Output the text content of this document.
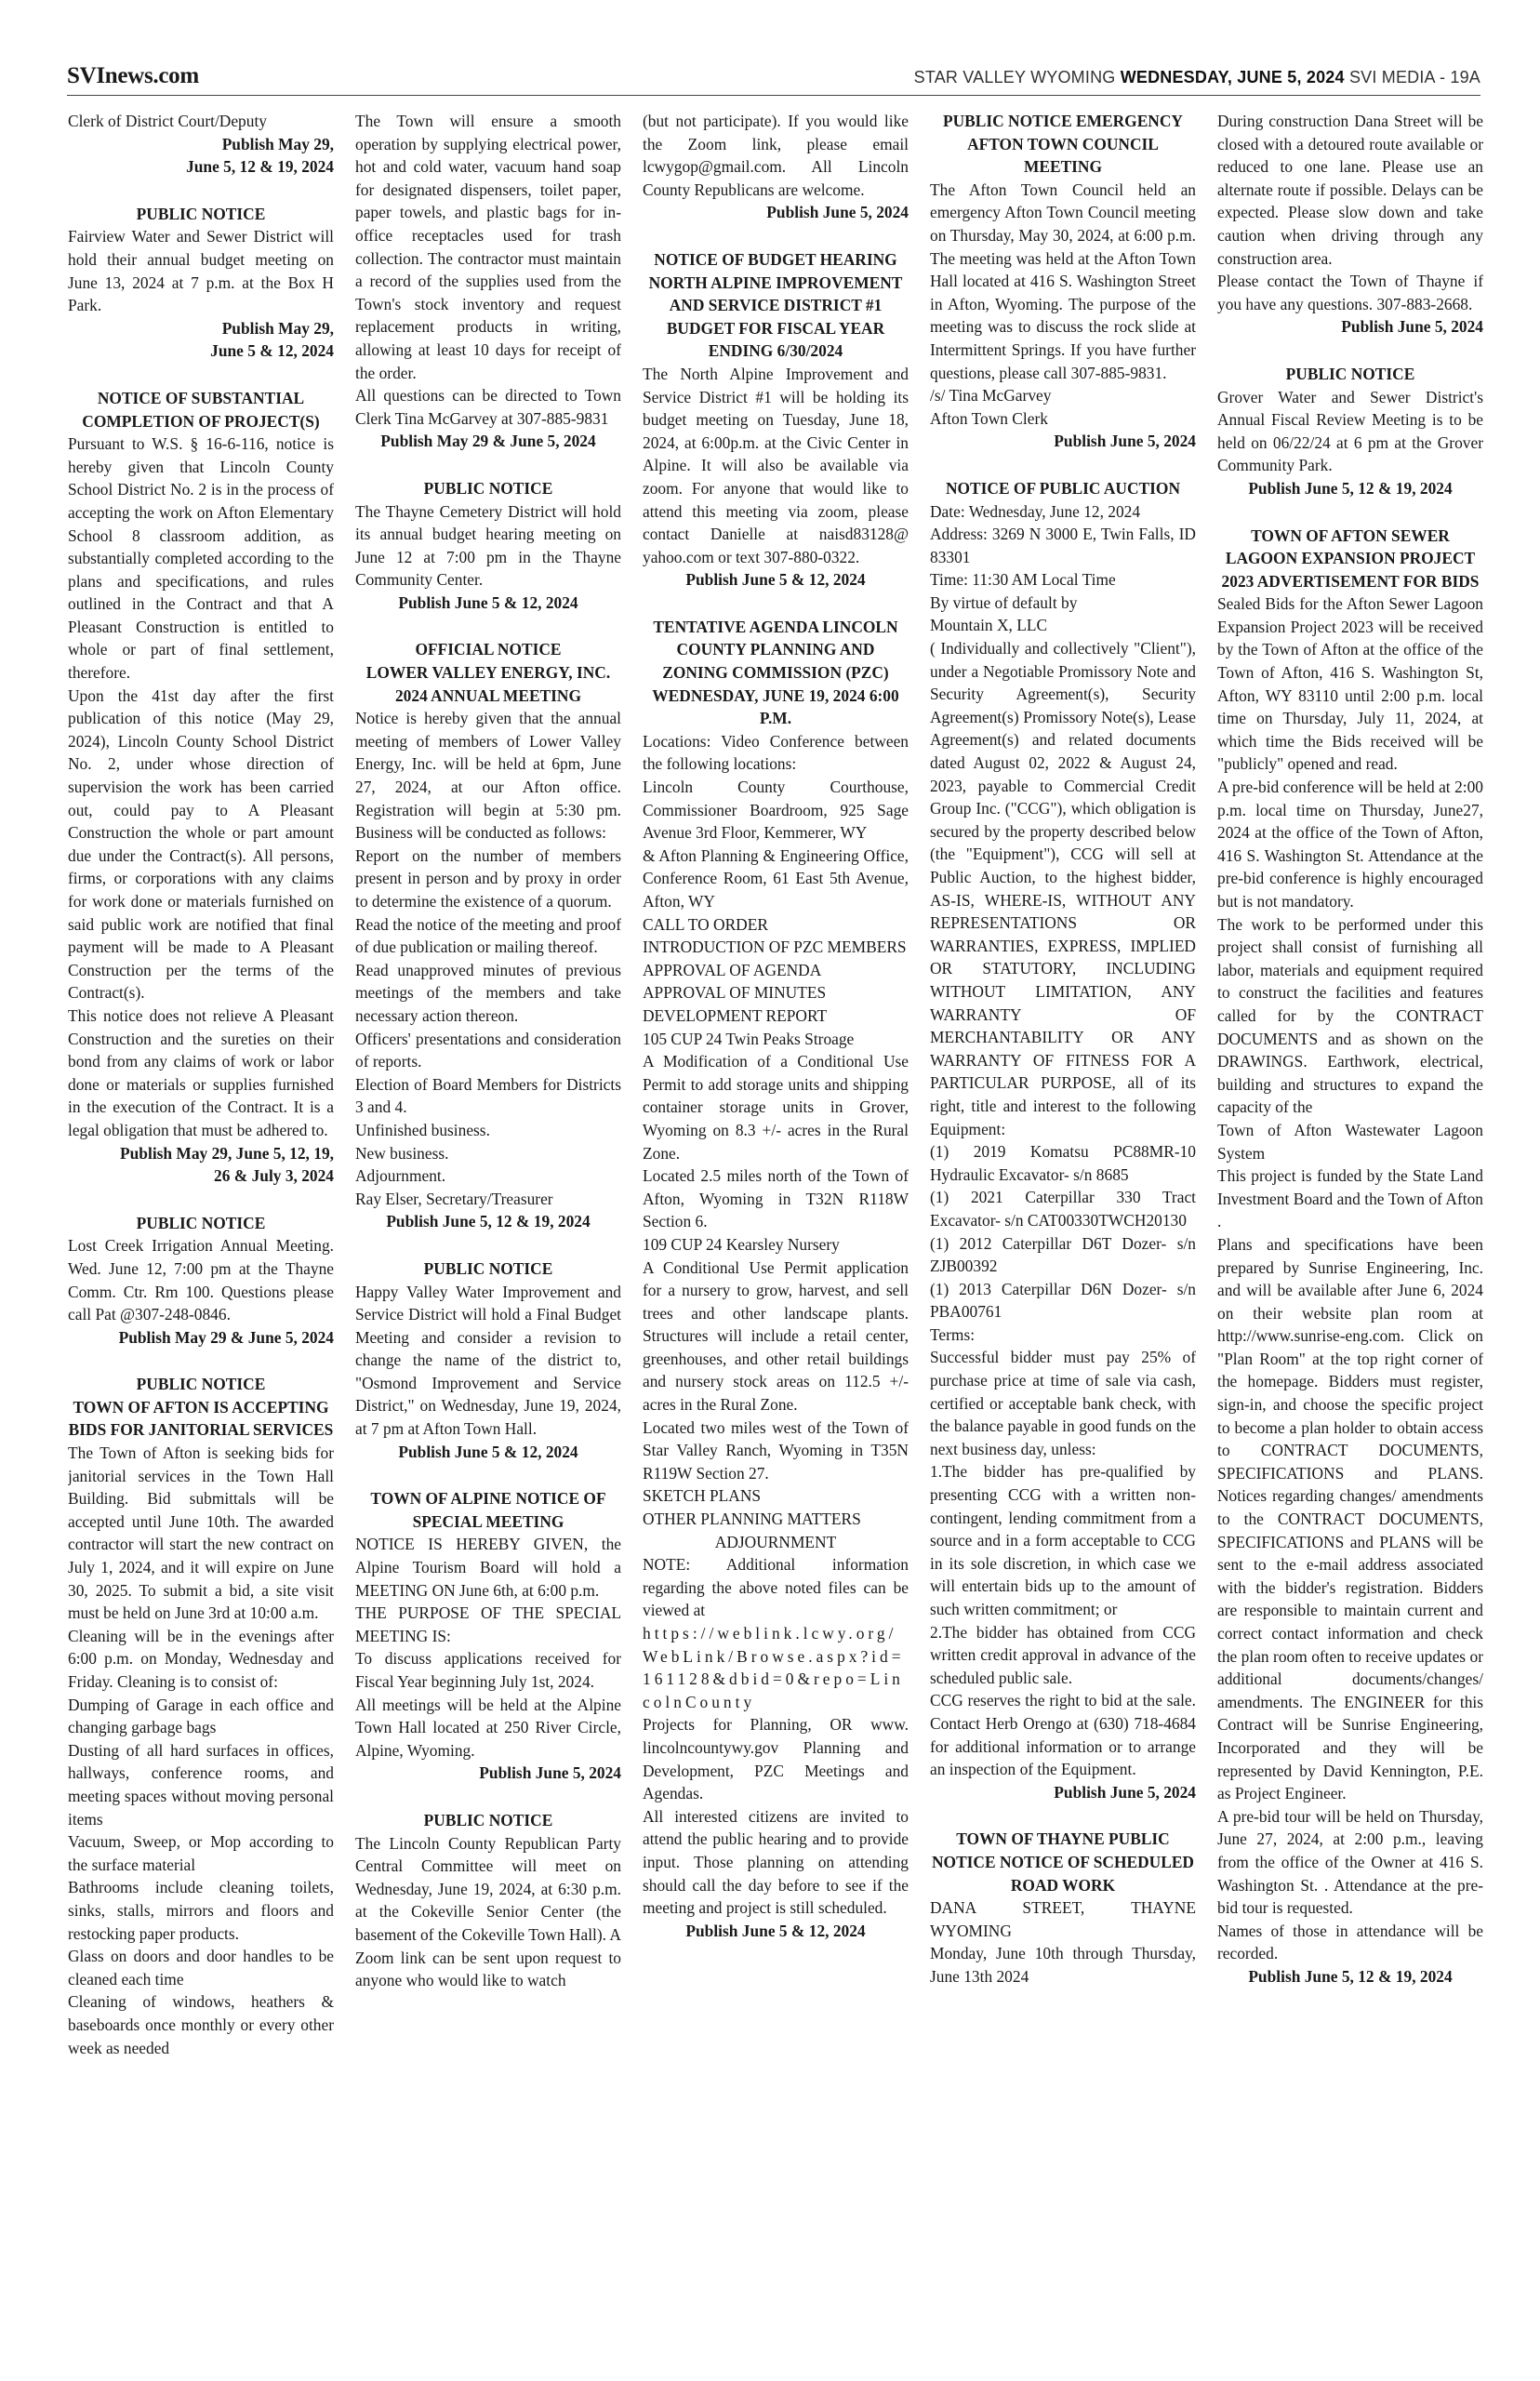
SVInews.com	STAR VALLEY WYOMING WEDNESDAY, JUNE 5, 2024 SVI MEDIA - 19A

Clerk of District Court/Deputy

Publish May 29,

June 5, 12 & 19, 2024

PUBLIC NOTICE

Fairview Water and Sewer District will hold their annual budget meeting on June 13, 2024 at 7 p.m. at the Box H Park.

Publish May 29,

June 5 & 12, 2024

NOTICE OF SUBSTANTIAL COMPLETION OF PROJECT(S)

Pursuant to W.S. § 16-6-116, notice is hereby given that Lincoln County School District No. 2 is in the process of accepting the work on Afton Elementary School 8 classroom addition, as substantially completed according to the plans and specifications, and rules outlined in the Contract and that A Pleasant Construction is entitled to whole or part of final settlement, therefore.

Upon the 41st day after the first publication of this notice (May 29, 2024), Lincoln County School District No. 2, under whose direction of supervision the work has been carried out, could pay to A Pleasant Construction the whole or part amount due under the Contract(s). All persons, firms, or corporations with any claims for work done or materials furnished on said public work are notified that final payment will be made to A Pleasant Construction per the terms of the Contract(s).

This notice does not relieve A Pleasant Construction and the sureties on their bond from any claims of work or labor done or materials or supplies furnished in the execution of the Contract. It is a legal obligation that must be adhered to.

Publish May 29, June 5, 12, 19,

26 & July 3, 2024

PUBLIC NOTICE

Lost Creek Irrigation Annual Meeting. Wed. June 12, 7:00 pm at the Thayne Comm. Ctr. Rm 100. Questions please call Pat @307-248-0846.

Publish May 29 & June 5, 2024

PUBLIC NOTICE

TOWN OF AFTON IS ACCEPTING BIDS FOR JANITORIAL SERVICES

The Town of Afton is seeking bids for janitorial services in the Town Hall Building. Bid submittals will be accepted until June 10th. The awarded contractor will start the new contract on July 1, 2024, and it will expire on June 30, 2025. To submit a bid, a site visit must be held on June 3rd at 10:00 a.m.

Cleaning will be in the evenings after 6:00 p.m. on Monday, Wednesday and Friday. Cleaning is to consist of:

Dumping of Garage in each office and changing garbage bags

Dusting of all hard surfaces in offices, hallways, conference rooms, and meeting spaces without moving personal items

Vacuum, Sweep, or Mop according to the surface material

Bathrooms include cleaning toilets, sinks, stalls, mirrors and floors and restocking paper products.

Glass on doors and door handles to be cleaned each time

Cleaning of windows, heathers & baseboards once monthly or every other week as needed

The Town will ensure a smooth operation by supplying electrical power, hot and cold water, vacuum hand soap for designated dispensers, toilet paper, paper towels, and plastic bags for in-office receptacles used for trash collection. The contractor must maintain a record of the supplies used from the Town's stock inventory and request replacement products in writing, allowing at least 10 days for receipt of the order.

All questions can be directed to Town Clerk Tina McGarvey at 307-885-9831

Publish May 29 & June 5, 2024

PUBLIC NOTICE

The Thayne Cemetery District will hold its annual budget hearing meeting on June 12 at 7:00 pm in the Thayne Community Center.

Publish June 5 & 12, 2024

OFFICIAL NOTICE

LOWER VALLEY ENERGY, INC. 2024 ANNUAL MEETING

Notice is hereby given that the annual meeting of members of Lower Valley Energy, Inc. will be held at 6pm, June 27, 2024, at our Afton office. Registration will begin at 5:30 pm. Business will be conducted as follows:

Report on the number of members present in person and by proxy in order to determine the existence of a quorum.

Read the notice of the meeting and proof of due publication or mailing thereof.

Read unapproved minutes of previous meetings of the members and take necessary action thereon.

Officers' presentations and consideration of reports.

Election of Board Members for Districts 3 and 4.

Unfinished business.

New business.

Adjournment.

Ray Elser, Secretary/Treasurer

Publish June 5, 12 & 19, 2024

PUBLIC NOTICE

Happy Valley Water Improvement and Service District will hold a Final Budget Meeting and consider a revision to change the name of the district to, "Osmond Improvement and Service District," on Wednesday, June 19, 2024, at 7 pm at Afton Town Hall.

Publish June 5 & 12, 2024

TOWN OF ALPINE NOTICE OF SPECIAL MEETING

NOTICE IS HEREBY GIVEN, the Alpine Tourism Board will hold a MEETING ON June 6th, at 6:00 p.m.

THE PURPOSE OF THE SPECIAL MEETING IS:

To discuss applications received for Fiscal Year beginning July 1st, 2024.

All meetings will be held at the Alpine Town Hall located at 250 River Circle, Alpine, Wyoming.

Publish June 5, 2024

PUBLIC NOTICE

The Lincoln County Republican Party Central Committee will meet on Wednesday, June 19, 2024, at 6:30 p.m. at the Cokeville Senior Center (the basement of the Cokeville Town Hall). A Zoom link can be sent upon request to anyone who would like to watch

(but not participate). If you would like the Zoom link, please email lcwygop@gmail.com. All Lincoln County Republicans are welcome.

Publish June 5, 2024

NOTICE OF BUDGET HEARING NORTH ALPINE IMPROVEMENT AND SERVICE DISTRICT #1 BUDGET FOR FISCAL YEAR ENDING 6/30/2024

The North Alpine Improvement and Service District #1 will be holding its budget meeting on Tuesday, June 18, 2024, at 6:00p.m. at the Civic Center in Alpine. It will also be available via zoom. For anyone that would like to attend this meeting via zoom, please contact Danielle at naisd83128@ yahoo.com or text 307-880-0322.

Publish June 5 & 12, 2024

TENTATIVE AGENDA LINCOLN COUNTY PLANNING AND ZONING COMMISSION (PZC) WEDNESDAY, JUNE 19, 2024 6:00 P.M.

Locations: Video Conference between the following locations:

Lincoln County Courthouse, Commissioner Boardroom, 925 Sage Avenue 3rd Floor, Kemmerer, WY

& Afton Planning & Engineering Office, Conference Room, 61 East 5th Avenue, Afton, WY

CALL TO ORDER

INTRODUCTION OF PZC MEMBERS

APPROVAL OF AGENDA

APPROVAL OF MINUTES

DEVELOPMENT REPORT

105 CUP 24 Twin Peaks Stroage

A Modification of a Conditional Use Permit to add storage units and shipping container storage units in Grover, Wyoming on 8.3 +/- acres in the Rural Zone.

Located 2.5 miles north of the Town of Afton, Wyoming in T32N R118W Section 6.

109 CUP 24 Kearsley Nursery

A Conditional Use Permit application for a nursery to grow, harvest, and sell trees and other landscape plants. Structures will include a retail center, greenhouses, and other retail buildings and nursery stock areas on 112.5 +/- acres in the Rural Zone.

Located two miles west of the Town of Star Valley Ranch, Wyoming in T35N R119W Section 27.

SKETCH PLANS

OTHER PLANNING MATTERS

ADJOURNMENT

NOTE: Additional information regarding the above noted files can be viewed at

https://weblink.lcwy.org/WebLink/Browse.aspx?id=161128&dbid=0&repo=LincolnCounty

Projects for Planning, OR www. lincolncountywy.gov Planning and Development, PZC Meetings and Agendas.

All interested citizens are invited to attend the public hearing and to provide input. Those planning on attending should call the day before to see if the meeting and project is still scheduled.

Publish June 5 & 12, 2024

PUBLIC NOTICE EMERGENCY AFTON TOWN COUNCIL MEETING

The Afton Town Council held an emergency Afton Town Council meeting on Thursday, May 30, 2024, at 6:00 p.m. The meeting was held at the Afton Town Hall located at 416 S. Washington Street in Afton, Wyoming. The purpose of the meeting was to discuss the rock slide at Intermittent Springs. If you have further questions, please call 307-885-9831.

/s/ Tina McGarvey

Afton Town Clerk

Publish June 5, 2024

NOTICE OF PUBLIC AUCTION

Date: Wednesday, June 12, 2024

Address: 3269 N 3000 E, Twin Falls, ID 83301

Time: 11:30 AM Local Time

By virtue of default by

Mountain X, LLC

( Individually and collectively "Client"), under a Negotiable Promissory Note and Security Agreement(s), Security Agreement(s) Promissory Note(s), Lease Agreement(s) and related documents dated August 02, 2022 & August 24, 2023, payable to Commercial Credit Group Inc. ("CCG"), which obligation is secured by the property described below (the "Equipment"), CCG will sell at Public Auction, to the highest bidder, AS-IS, WHERE-IS, WITHOUT ANY REPRESENTATIONS OR WARRANTIES, EXPRESS, IMPLIED OR STATUTORY, INCLUDING WITHOUT LIMITATION, ANY WARRANTY OF MERCHANTABILITY OR ANY WARRANTY OF FITNESS FOR A PARTICULAR PURPOSE, all of its right, title and interest to the following Equipment:

(1) 2019 Komatsu PC88MR-10 Hydraulic Excavator- s/n 8685

(1) 2021 Caterpillar 330 Tract Excavator- s/n CAT00330TWCH20130

(1) 2012 Caterpillar D6T Dozer- s/n ZJB00392

(1) 2013 Caterpillar D6N Dozer- s/n PBA00761

Terms:

Successful bidder must pay 25% of purchase price at time of sale via cash, certified or acceptable bank check, with the balance payable in good funds on the next business day, unless:

1.The bidder has pre-qualified by presenting CCG with a written non-contingent, lending commitment from a source and in a form acceptable to CCG in its sole discretion, in which case we will entertain bids up to the amount of such written commitment; or

2.The bidder has obtained from CCG written credit approval in advance of the scheduled public sale.

CCG reserves the right to bid at the sale. Contact Herb Orengo at (630) 718-4684 for additional information or to arrange an inspection of the Equipment.

Publish June 5, 2024

TOWN OF THAYNE PUBLIC NOTICE NOTICE OF SCHEDULED ROAD WORK

DANA STREET, THAYNE WYOMING

Monday, June 10th through Thursday, June 13th 2024

During construction Dana Street will be closed with a detoured route available or reduced to one lane. Please use an alternate route if possible. Delays can be expected. Please slow down and take caution when driving through any construction area.

Please contact the Town of Thayne if you have any questions. 307-883-2668.

Publish June 5, 2024

PUBLIC NOTICE

Grover Water and Sewer District's Annual Fiscal Review Meeting is to be held on 06/22/24 at 6 pm at the Grover Community Park.

Publish June 5, 12 & 19, 2024

TOWN OF AFTON SEWER LAGOON EXPANSION PROJECT 2023 ADVERTISEMENT FOR BIDS

Sealed Bids for the Afton Sewer Lagoon Expansion Project 2023 will be received by the Town of Afton at the office of the Town of Afton, 416 S. Washington St, Afton, WY 83110 until 2:00 p.m. local time on Thursday, July 11, 2024, at which time the Bids received will be "publicly" opened and read.

A pre-bid conference will be held at 2:00 p.m. local time on Thursday, June27, 2024 at the office of the Town of Afton, 416 S. Washington St. Attendance at the pre-bid conference is highly encouraged but is not mandatory.

The work to be performed under this project shall consist of furnishing all labor, materials and equipment required to construct the facilities and features called for by the CONTRACT DOCUMENTS and as shown on the DRAWINGS. Earthwork, electrical, building and structures to expand the capacity of the

Town of Afton Wastewater Lagoon System

This project is funded by the State Land Investment Board and the Town of Afton .

Plans and specifications have been prepared by Sunrise Engineering, Inc. and will be available after June 6, 2024 on their website plan room at http://www.sunrise-eng.com. Click on "Plan Room" at the top right corner of the homepage. Bidders must register, sign-in, and choose the specific project to become a plan holder to obtain access to CONTRACT DOCUMENTS, SPECIFICATIONS and PLANS. Notices regarding changes/ amendments to the CONTRACT DOCUMENTS, SPECIFICATIONS and PLANS will be sent to the e-mail address associated with the bidder's registration. Bidders are responsible to maintain current and correct contact information and check the plan room often to receive updates or additional documents/changes/ amendments. The ENGINEER for this Contract will be Sunrise Engineering, Incorporated and they will be represented by David Kennington, P.E. as Project Engineer.

A pre-bid tour will be held on Thursday, June 27, 2024, at 2:00 p.m., leaving from the office of the Owner at 416 S. Washington St. . Attendance at the pre-bid tour is requested.

Names of those in attendance will be recorded.

Publish June 5, 12 & 19, 2024
